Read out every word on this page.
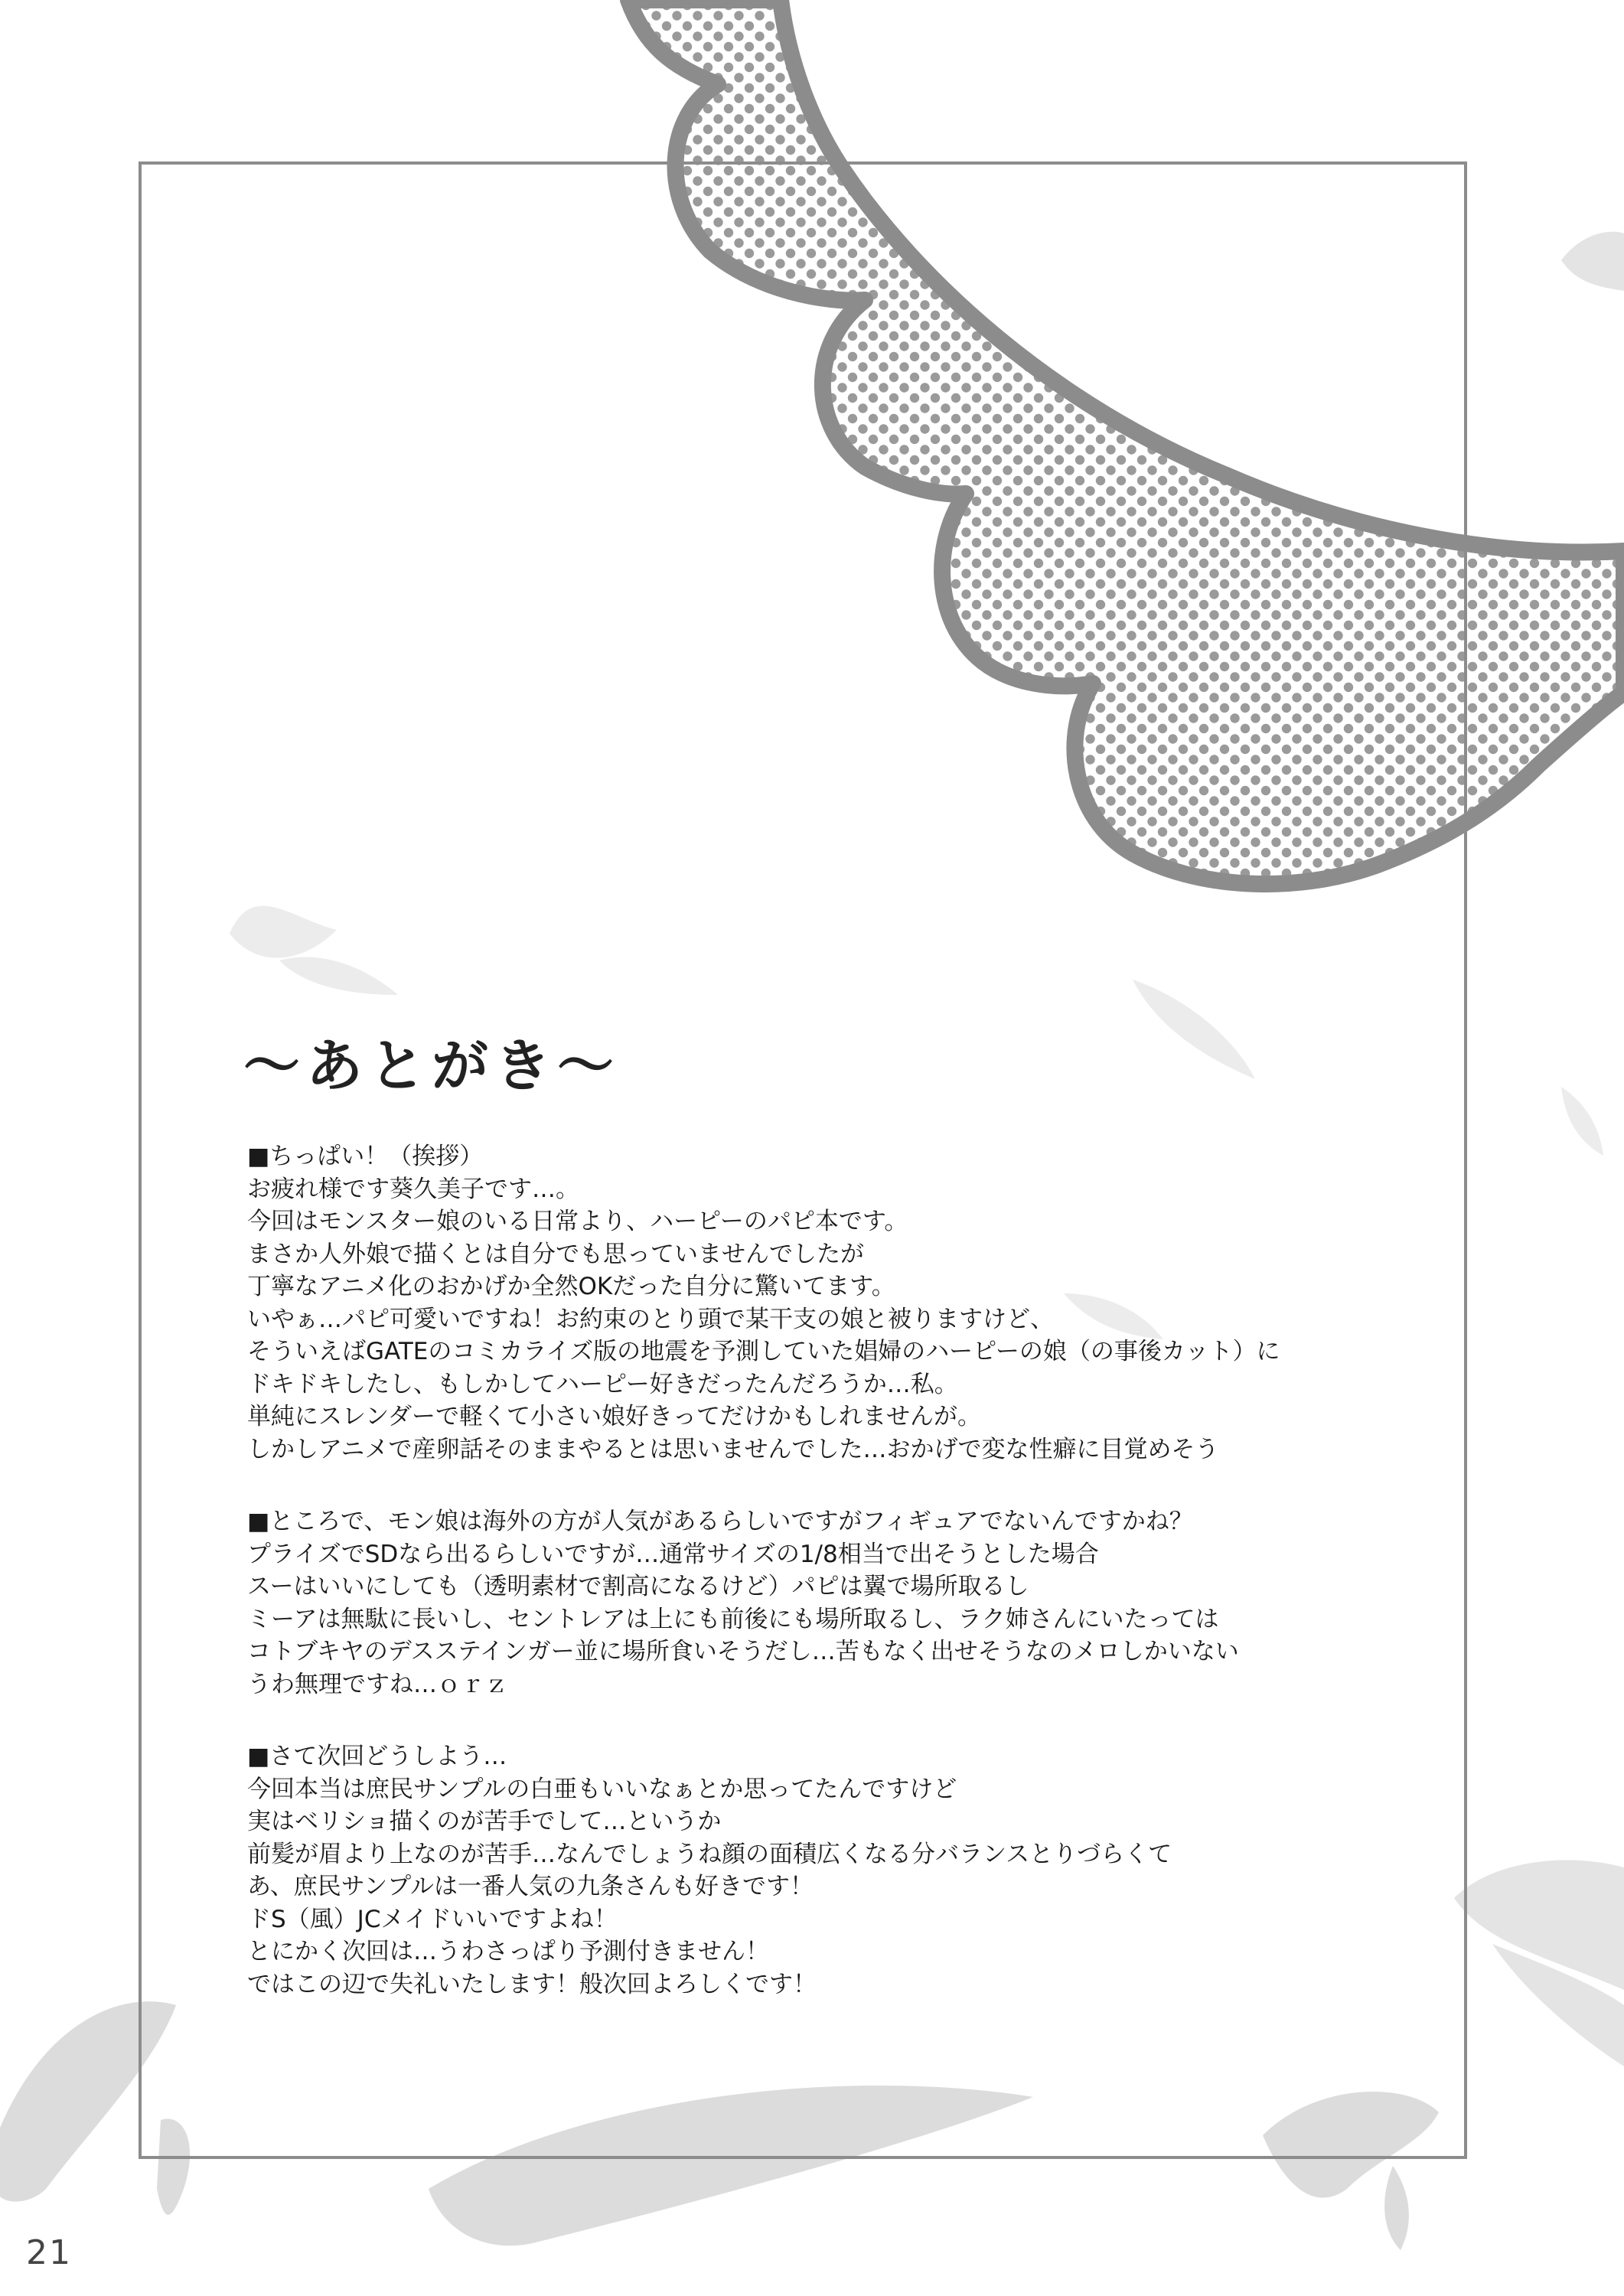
～あとがき～
■ちっぱい！（挨拶）
お疲れ様です葵久美子です…。
今回はモンスター娘のいる日常より、ハーピーのパピ本です。
まさか人外娘で描くとは自分でも思っていませんでしたが
丁寧なアニメ化のおかげか全然OKだった自分に驚いてます。
いやぁ…パピ可愛いですね！お約束のとり頭で某干支の娘と被りますけど、
そういえばGATEのコミカライズ版の地震を予測していた娼婦のハーピーの娘（の事後カット）に
ドキドキしたし、もしかしてハーピー好きだったんだろうか…私。
単純にスレンダーで軽くて小さい娘好きってだけかもしれませんが。
しかしアニメで産卵話そのままやるとは思いませんでした…おかげで変な性癖に目覚めそう
■ところで、モン娘は海外の方が人気があるらしいですがフィギュアでないんですかね？
プライズでSDなら出るらしいですが…通常サイズの1/8相当で出そうとした場合
スーはいいにしても（透明素材で割高になるけど）パピは翼で場所取るし
ミーアは無駄に長いし、セントレアは上にも前後にも場所取るし、ラク姉さんにいたっては
コトブキヤのデスステインガー並に場所食いそうだし…苦もなく出せそうなのメロしかいない
うわ無理ですね…ｏｒｚ
■さて次回どうしよう…
今回本当は庶民サンプルの白亜もいいなぁとか思ってたんですけど
実はベリショ描くのが苦手でして…というか
前髪が眉より上なのが苦手…なんでしょうね顔の面積広くなる分バランスとりづらくて
あ、庶民サンプルは一番人気の九条さんも好きです！
ドS（風）JCメイドいいですよね！
とにかく次回は…うわさっぱり予測付きません！
ではこの辺で失礼いたします！般次回よろしくです！
21
